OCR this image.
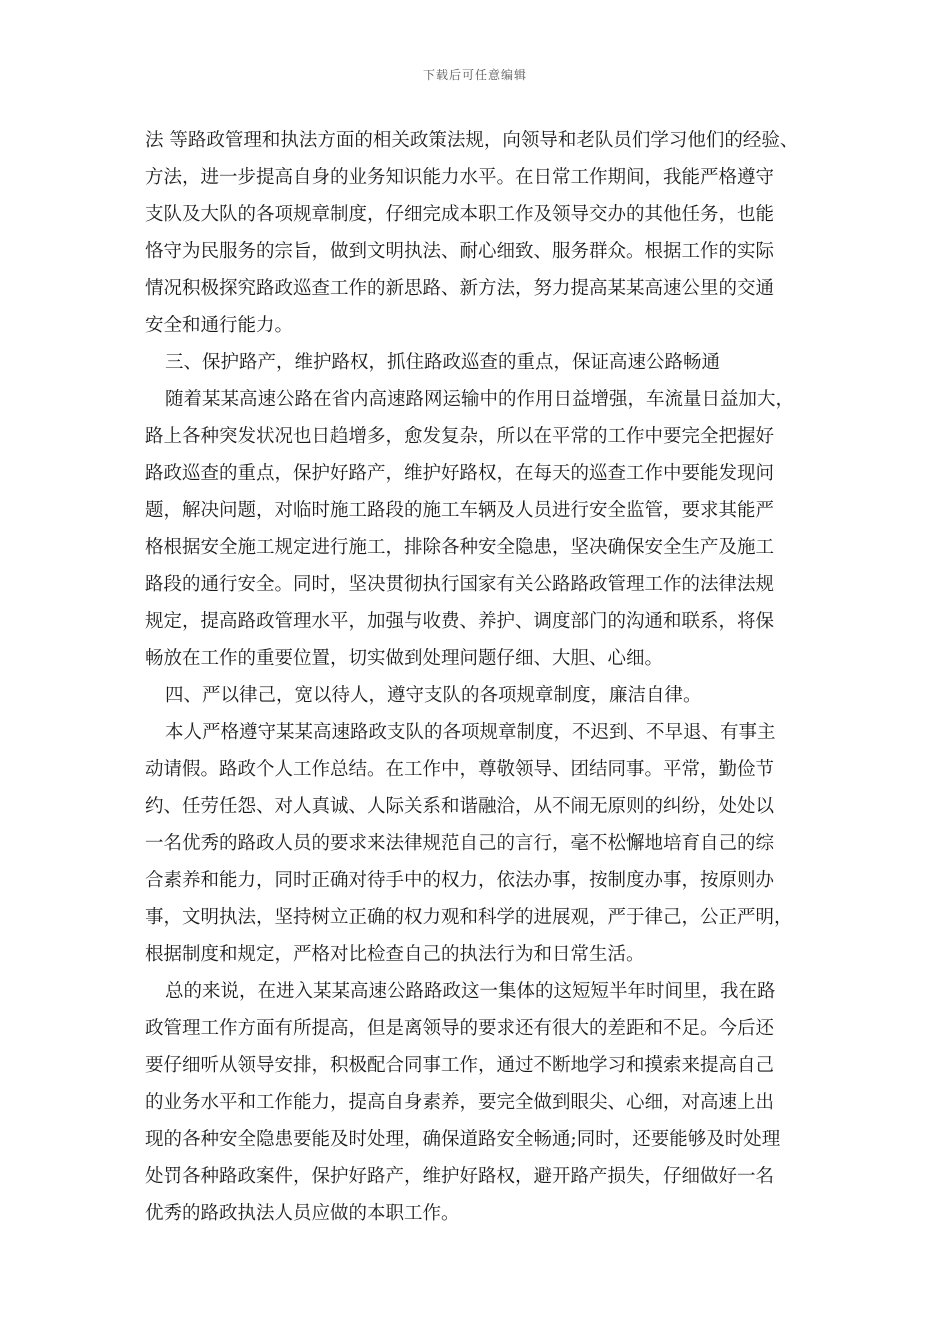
下载后可任意编辑
法 等路政管理和执法方面的相关政策法规，向领导和老队员们学习他们的经验、
方法，进一步提高自身的业务知识能力水平。在日常工作期间，我能严格遵守
支队及大队的各项规章制度，仔细完成本职工作及领导交办的其他任务，也能
恪守为民服务的宗旨，做到文明执法、耐心细致、服务群众。根据工作的实际
情况积极探究路政巡查工作的新思路、新方法，努力提高某某高速公里的交通
安全和通行能力。
三、保护路产，维护路权，抓住路政巡查的重点，保证高速公路畅通
随着某某高速公路在省内高速路网运输中的作用日益增强，车流量日益加大，
路上各种突发状况也日趋增多，愈发复杂，所以在平常的工作中要完全把握好
路政巡查的重点，保护好路产，维护好路权，在每天的巡查工作中要能发现问
题，解决问题，对临时施工路段的施工车辆及人员进行安全监管，要求其能严
格根据安全施工规定进行施工，排除各种安全隐患，坚决确保安全生产及施工
路段的通行安全。同时，坚决贯彻执行国家有关公路路政管理工作的法律法规
规定，提高路政管理水平，加强与收费、养护、调度部门的沟通和联系，将保
畅放在工作的重要位置，切实做到处理问题仔细、大胆、心细。
四、严以律己，宽以待人，遵守支队的各项规章制度，廉洁自律。
本人严格遵守某某高速路政支队的各项规章制度，不迟到、不早退、有事主
动请假。路政个人工作总结。在工作中，尊敬领导、团结同事。平常，勤俭节
约、任劳任怨、对人真诚、人际关系和谐融洽，从不闹无原则的纠纷，处处以
一名优秀的路政人员的要求来法律规范自己的言行，毫不松懈地培育自己的综
合素养和能力，同时正确对待手中的权力，依法办事，按制度办事，按原则办
事，文明执法，坚持树立正确的权力观和科学的进展观，严于律己，公正严明，
根据制度和规定，严格对比检查自己的执法行为和日常生活。
总的来说，在进入某某高速公路路政这一集体的这短短半年时间里，我在路
政管理工作方面有所提高，但是离领导的要求还有很大的差距和不足。今后还
要仔细听从领导安排，积极配合同事工作，通过不断地学习和摸索来提高自己
的业务水平和工作能力，提高自身素养，要完全做到眼尖、心细，对高速上出
现的各种安全隐患要能及时处理，确保道路安全畅通;同时，还要能够及时处理
处罚各种路政案件，保护好路产，维护好路权，避开路产损失，仔细做好一名
优秀的路政执法人员应做的本职工作。
